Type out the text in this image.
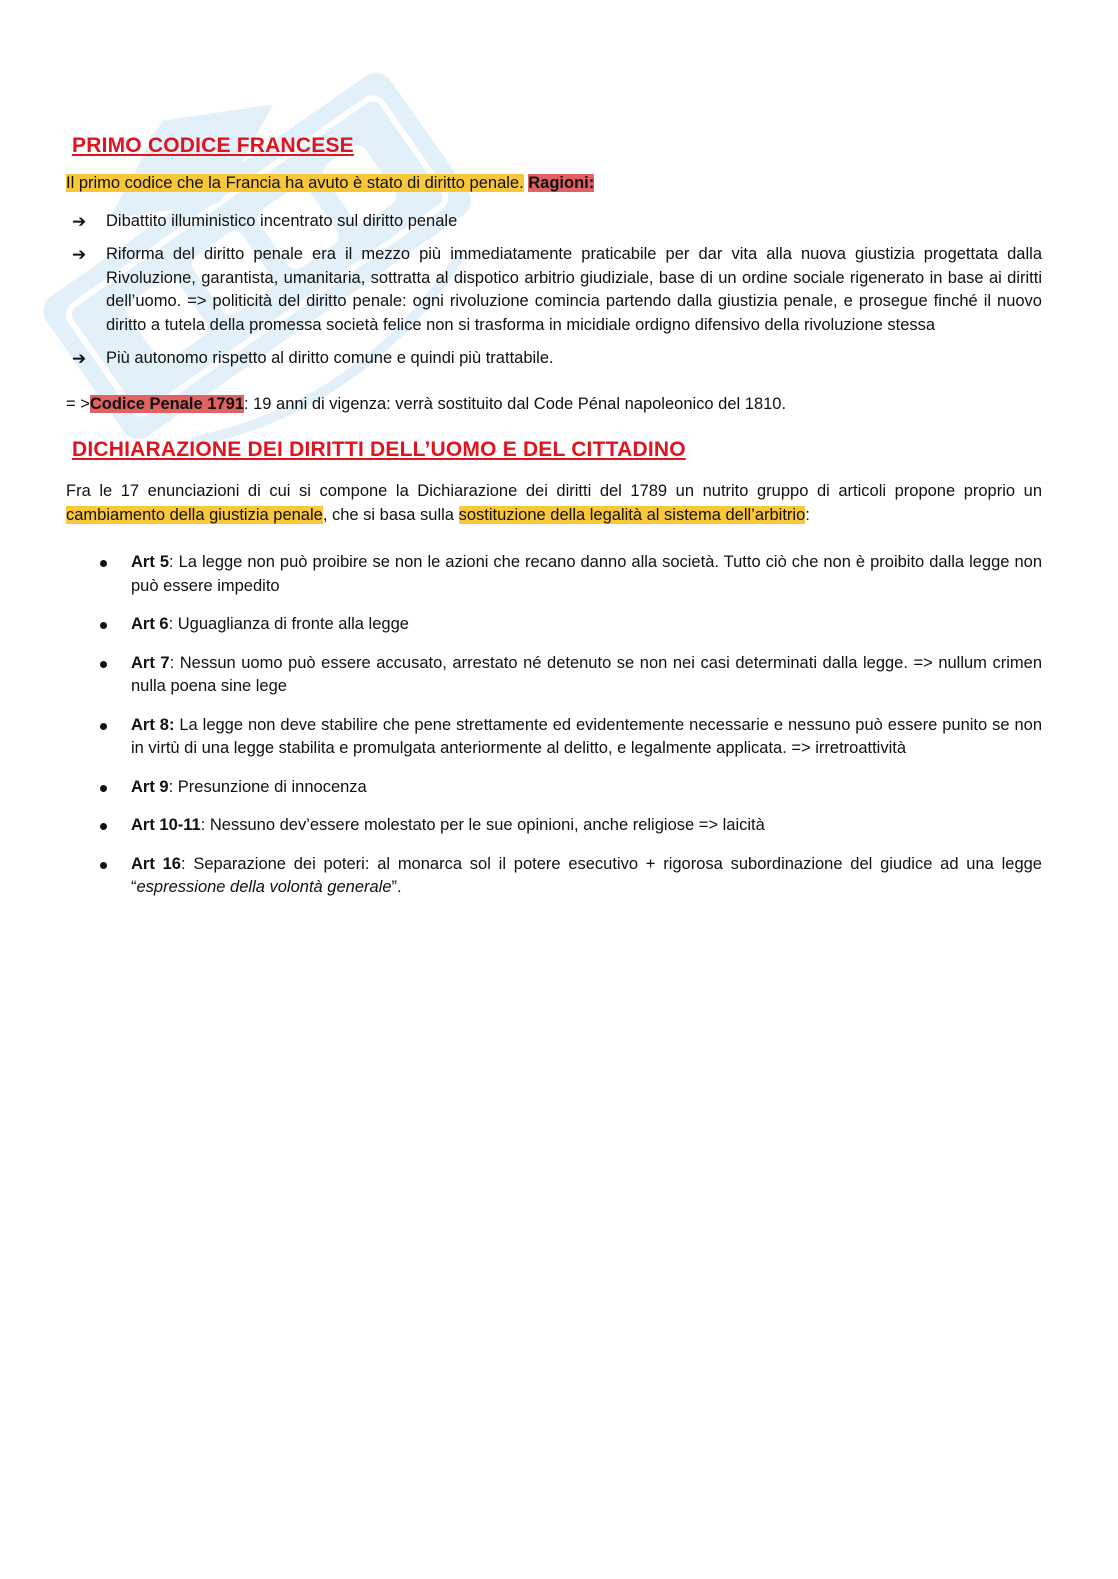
PRIMO CODICE FRANCESE

Il primo codice che la Francia ha avuto è stato di diritto penale. Ragioni:

➔ Dibattito illuministico incentrato sul diritto penale

➔ Riforma del diritto penale era il mezzo più immediatamente praticabile per dar vita alla nuova giustizia progettata dalla Rivoluzione, garantista, umanitaria, sottratta al dispotico arbitrio giudiziale, base di un ordine sociale rigenerato in base ai diritti dell’uomo. => politicità del diritto penale: ogni rivoluzione comincia partendo dalla giustizia penale, e prosegue finché il nuovo diritto a tutela della promessa società felice non si trasforma in micidiale ordigno difensivo della rivoluzione stessa

➔ Più autonomo rispetto al diritto comune e quindi più trattabile.

= >Codice Penale 1791: 19 anni di vigenza: verrà sostituito dal Code Pénal napoleonico del 1810.

DICHIARAZIONE DEI DIRITTI DELL’UOMO E DEL CITTADINO

Fra le 17 enunciazioni di cui si compone la Dichiarazione dei diritti del 1789 un nutrito gruppo di articoli propone proprio un cambiamento della giustizia penale, che si basa sulla sostituzione della legalità al sistema dell’arbitrio:

Art 5: La legge non può proibire se non le azioni che recano danno alla società. Tutto ciò che non è proibito dalla legge non può essere impedito

Art 6: Uguaglianza di fronte alla legge

Art 7: Nessun uomo può essere accusato, arrestato né detenuto se non nei casi determinati dalla legge. => nullum crimen nulla poena sine lege

Art 8: La legge non deve stabilire che pene strettamente ed evidentemente necessarie e nessuno può essere punito se non in virtù di una legge stabilita e promulgata anteriormente al delitto, e legalmente applicata. => irretroattività

Art 9: Presunzione di innocenza

Art 10-11: Nessuno dev’essere molestato per le sue opinioni, anche religiose => laicità

Art 16: Separazione dei poteri: al monarca sol il potere esecutivo + rigorosa subordinazione del giudice ad una legge “espressione della volontà generale”.
